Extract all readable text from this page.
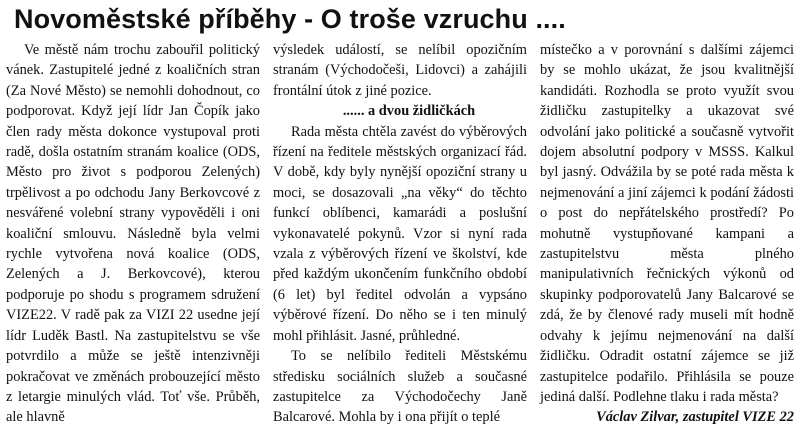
Novoměstské příběhy - O troše vzruchu ....

Ve městě nám trochu zabouřil politický vánek. Zastupitelé jedné z koaličních stran (Za Nové Město) se nemohli dohodnout, co podporovat. Když její lídr Jan Čopík jako člen rady města dokonce vystupoval proti radě, došla ostatním stranám koalice (ODS, Město pro život s podporou Zelených) trpělivost a po odchodu Jany Berkovcové z nesvářené volební strany vypověděli i oni koaliční smlouvu. Následně byla velmi rychle vytvořena nová koalice (ODS, Zelených a J. Berkovcové), kterou podporuje po shodu s programem sdružení VIZE22. V radě pak za VIZI 22 usedne její lídr Luděk Bastl. Na zastupitelstvu se vše potvrdilo a může se ještě intenzivněji pokračovat ve změnách probouzející město z letargie minulých vlád. Toť vše. Průběh, ale hlavně

výsledek událostí, se nelíbil opozičním stranám (Východočeši, Lidovci) a zahájili frontální útok z jiné pozice.

...... a dvou židličkách

Rada města chtěla zavést do výběrových řízení na ředitele městských organizací řád. V době, kdy byly nynější opoziční strany u moci, se dosazovali „na věky“ do těchto funkcí oblíbenci, kamarádi a poslušní vykonavatelé pokynů. Vzor si nyní rada vzala z výběrových řízení ve školství, kde před každým ukončením funkčního období (6 let) byl ředitel odvolán a vypsáno výběrové řízení. Do něho se i ten minulý mohl přihlásit. Jasné, průhledné.

To se nelíbilo řediteli Městskému středisku sociálních služeb a současné zastupitelce za Východočechy Janě Balcarové. Mohla by i ona přijít o teplé

místečko a v porovnání s dalšími zájemci by se mohlo ukázat, že jsou kvalitnější kandidáti. Rozhodla se proto využít svou židličku zastupitelky a ukazovat své odvolání jako politické a současně vytvořit dojem absolutní podpory v MSSS. Kalkul byl jasný. Odvážila by se poté rada města k nejmenování a jiní zájemci k podání žádosti o post do nepřátelského prostředí? Po mohutně vystupňované kampani a zastupitelstvu města plného manipulativních řečnických výkonů od skupinky podporovatelů Jany Balcarové se zdá, že by členové rady museli mít hodně odvahy k jejímu nejmenování na další židličku. Odradit ostatní zájemce se již zastupitelce podařilo. Přihlásila se pouze jediná další. Podlehne tlaku i rada města?

Václav Zilvar, zastupitel VIZE 22
